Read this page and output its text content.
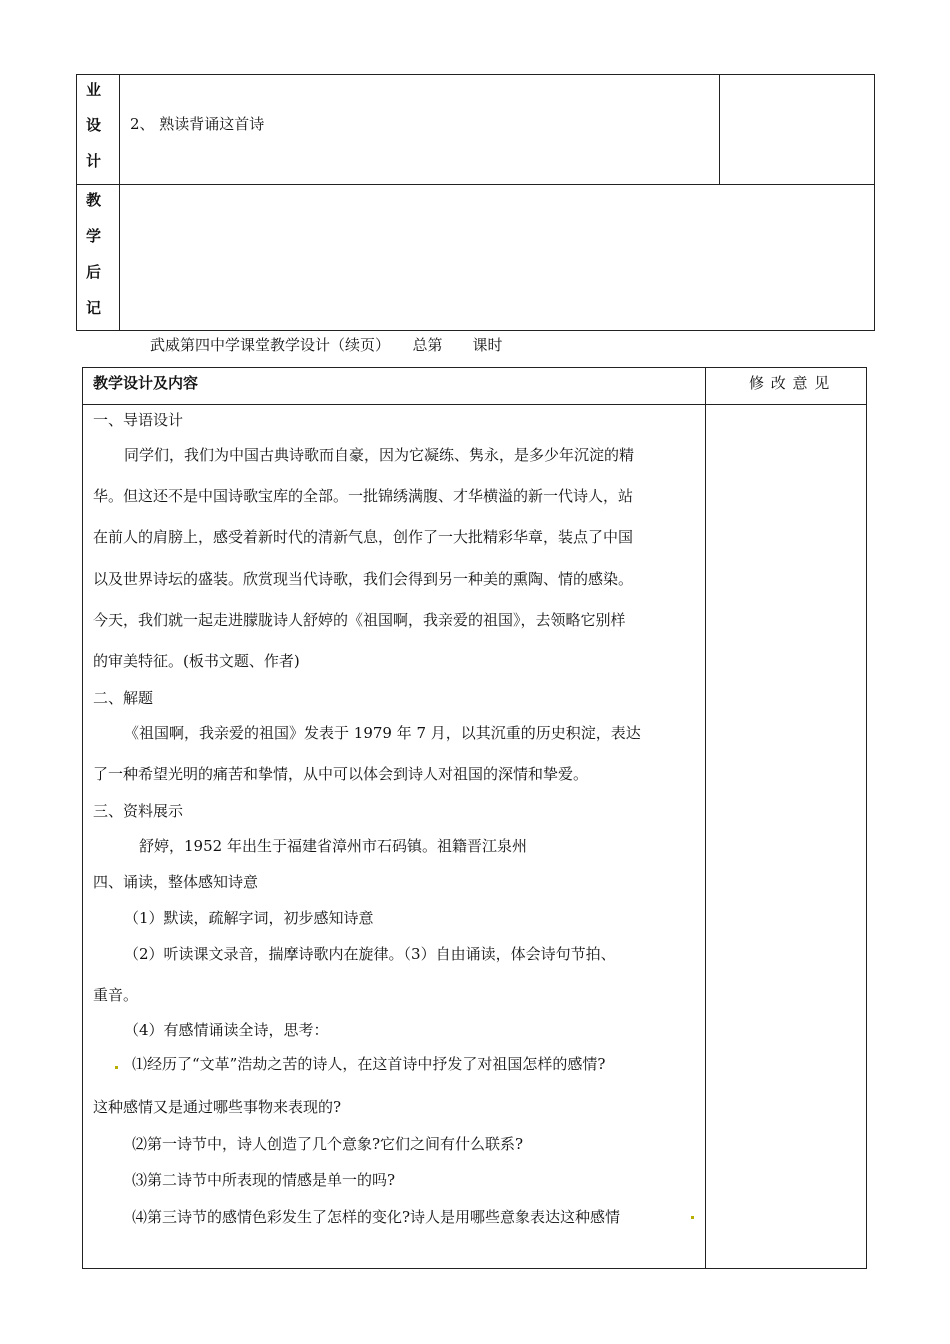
业
设
计
2、 熟读背诵这首诗
教
学
后
记
武威第四中学课堂教学设计（续页）　　总第　　课时
教学设计及内容	修 改 意 见
一、导语设计
同学们，我们为中国古典诗歌而自豪，因为它凝练、隽永，是多少年沉淀的精
华。但这还不是中国诗歌宝库的全部。一批锦绣满腹、才华横溢的新一代诗人，站
在前人的肩膀上，感受着新时代的清新气息，创作了一大批精彩华章，装点了中国
以及世界诗坛的盛装。欣赏现当代诗歌，我们会得到另一种美的熏陶、情的感染。
今天，我们就一起走进朦胧诗人舒婷的《祖国啊，我亲爱的祖国》，去领略它别样
的审美特征。(板书文题、作者)
二、解题
《祖国啊，我亲爱的祖国》发表于 1979 年 7 月，以其沉重的历史积淀，表达
了一种希望光明的痛苦和挚情，从中可以体会到诗人对祖国的深情和挚爱。
三、资料展示
舒婷，1952 年出生于福建省漳州市石码镇。祖籍晋江泉州
四、诵读，整体感知诗意
（1）默读，疏解字词，初步感知诗意
（2）听读课文录音，揣摩诗歌内在旋律。（3）自由诵读，体会诗句节拍、
重音。
（4）有感情诵读全诗，思考：
⑴经历了“文革”浩劫之苦的诗人，在这首诗中抒发了对祖国怎样的感情?
这种感情又是通过哪些事物来表现的?
⑵第一诗节中，诗人创造了几个意象?它们之间有什么联系?
⑶第二诗节中所表现的情感是单一的吗?
⑷第三诗节的感情色彩发生了怎样的变化?诗人是用哪些意象表达这种感情
